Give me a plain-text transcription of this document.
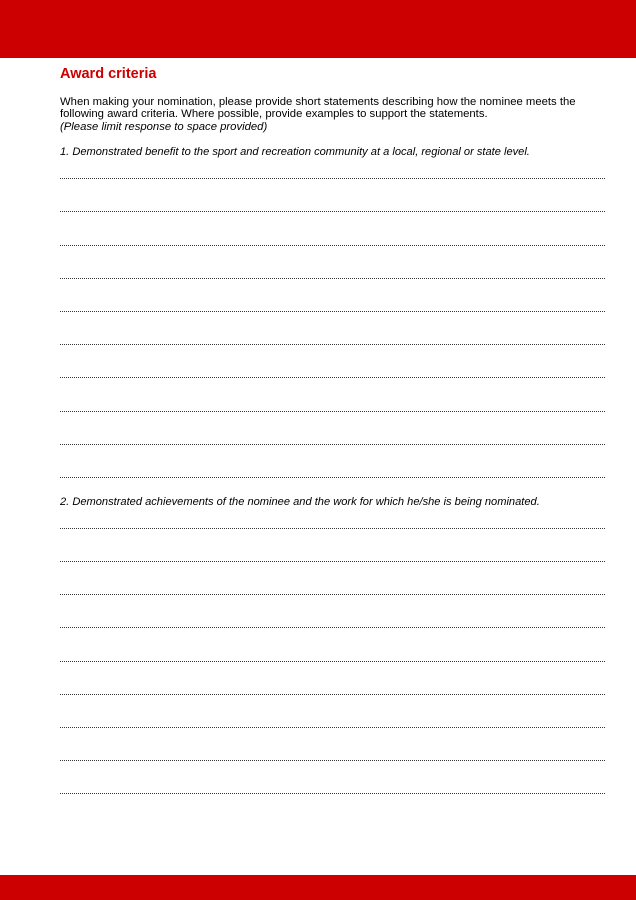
Award criteria

When making your nomination, please provide short statements describing how the nominee meets the following award criteria. Where possible, provide examples to support the statements.

(Please limit response to space provided)

1. Demonstrated benefit to the sport and recreation community at a local, regional or state level.
2. Demonstrated achievements of the nominee and the work for which he/she is being nominated.
